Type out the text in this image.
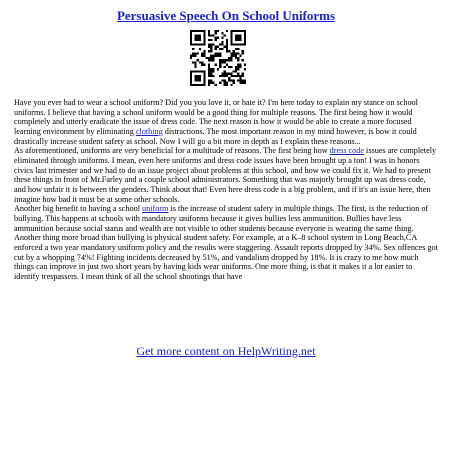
Persuasive Speech On School Uniforms

Have you ever had to wear a school uniform? Did you you love it, or hate it? I'm here today to explain my stance on school uniforms. I believe that having a school uniform would be a good thing for multiple reasons. The first being how it would completely and utterly eradicate the issue of dress code. The next reason is how it would be able to create a more focused learning environment by eliminating clothing distractions. The most important reason in my mind however, is how it could drastically increase student safety at school. Now I will go a bit more in depth as I explain these reasons...

As aforementioned, uniforms are very beneficial for a multitude of reasons. The first being how dress code issues are completely eliminated through uniforms. I mean, even here uniforms and dress code issues have been brought up a ton! I was in honors civics last trimester and we had to do an issue project about problems at this school, and how we could fix it. We had to present these things in front of Mr.Farley and a couple school administrators. Something that was majorly brought up was dress code, and how unfair it is between the genders. Think about that! Even here dress code is a big problem, and if it's an issue here, then imagine how bad it must be at some other schools.

Another big benefit to having a school uniform is the increase of student safety in multiple things. The first, is the reduction of bullying. This happens at schools with mandatory uniforms because it gives bullies less ammunition. Bullies have less ammunition because social status and wealth are not visible to other students because everyone is wearing the same thing. Another thing more broad than bullying is physical student safety. For example, at a K–8 school system in Long Beach,CA enforced a two year mandatory uniform policy and the results were staggering. Assault reports dropped by 34%. Sex offences got cut by a whopping 74%! Fighting incidents decreased by 51%, and vandalism dropped by 18%. It is crazy to me how much things can improve in just two short years by having kids wear uniforms. One more thing, is that it makes it a lot easier to identify trespassers. I mean think of all the school shootings that have

Get more content on HelpWriting.net
